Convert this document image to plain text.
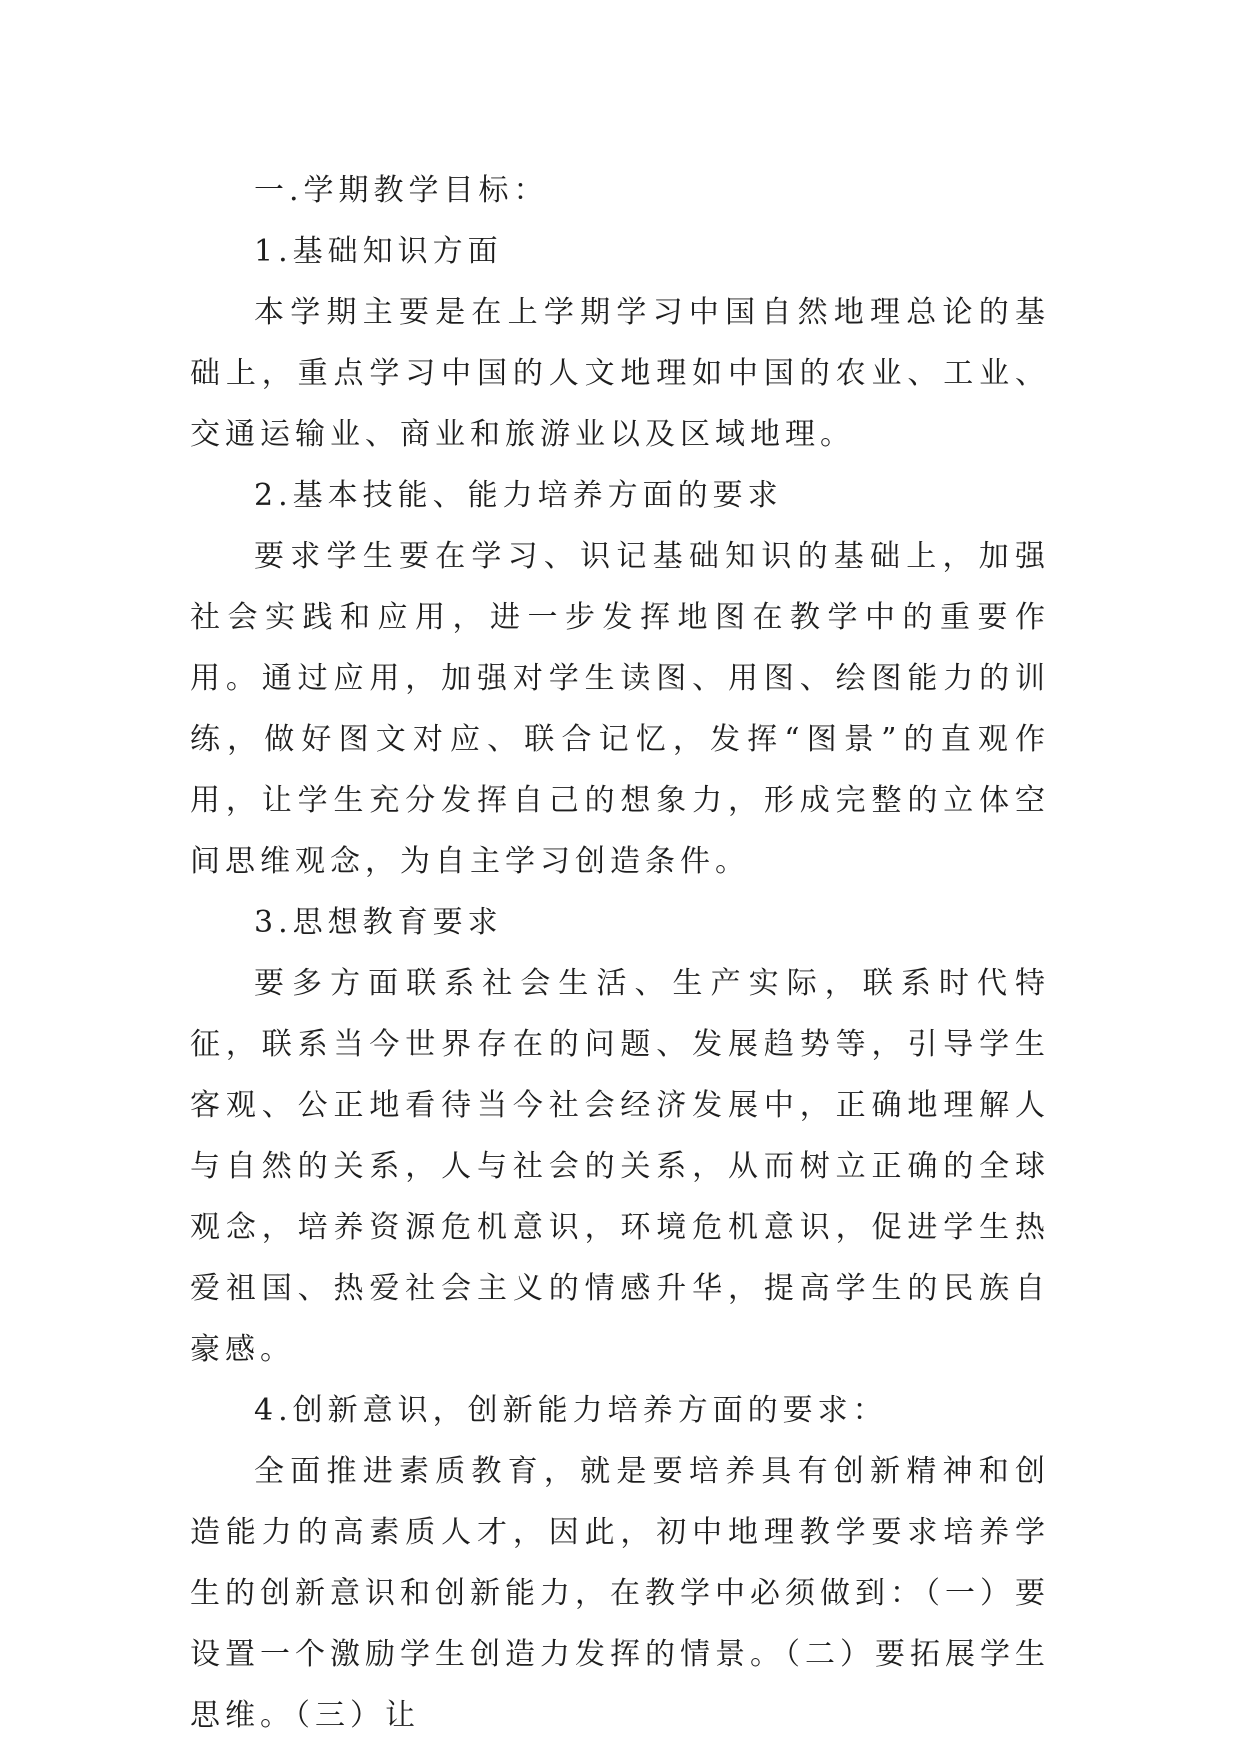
一.学期教学目标：

1.基础知识方面

本学期主要是在上学期学习中国自然地理总论的基础上，重点学习中国的人文地理如中国的农业、工业、交通运输业、商业和旅游业以及区域地理。

2.基本技能、能力培养方面的要求

要求学生要在学习、识记基础知识的基础上，加强社会实践和应用，进一步发挥地图在教学中的重要作用。通过应用，加强对学生读图、用图、绘图能力的训练，做好图文对应、联合记忆，发挥“图景”的直观作用，让学生充分发挥自己的想象力，形成完整的立体空间思维观念，为自主学习创造条件。

3.思想教育要求

要多方面联系社会生活、生产实际，联系时代特征，联系当今世界存在的问题、发展趋势等，引导学生客观、公正地看待当今社会经济发展中，正确地理解人与自然的关系，人与社会的关系，从而树立正确的全球观念，培养资源危机意识，环境危机意识，促进学生热爱祖国、热爱社会主义的情感升华，提高学生的民族自豪感。

4.创新意识，创新能力培养方面的要求：

全面推进素质教育，就是要培养具有创新精神和创造能力的高素质人才，因此，初中地理教学要求培养学生的创新意识和创新能力，在教学中必须做到：（一）要设置一个激励学生创造力发挥的情景。（二）要拓展学生思维。（三）让
